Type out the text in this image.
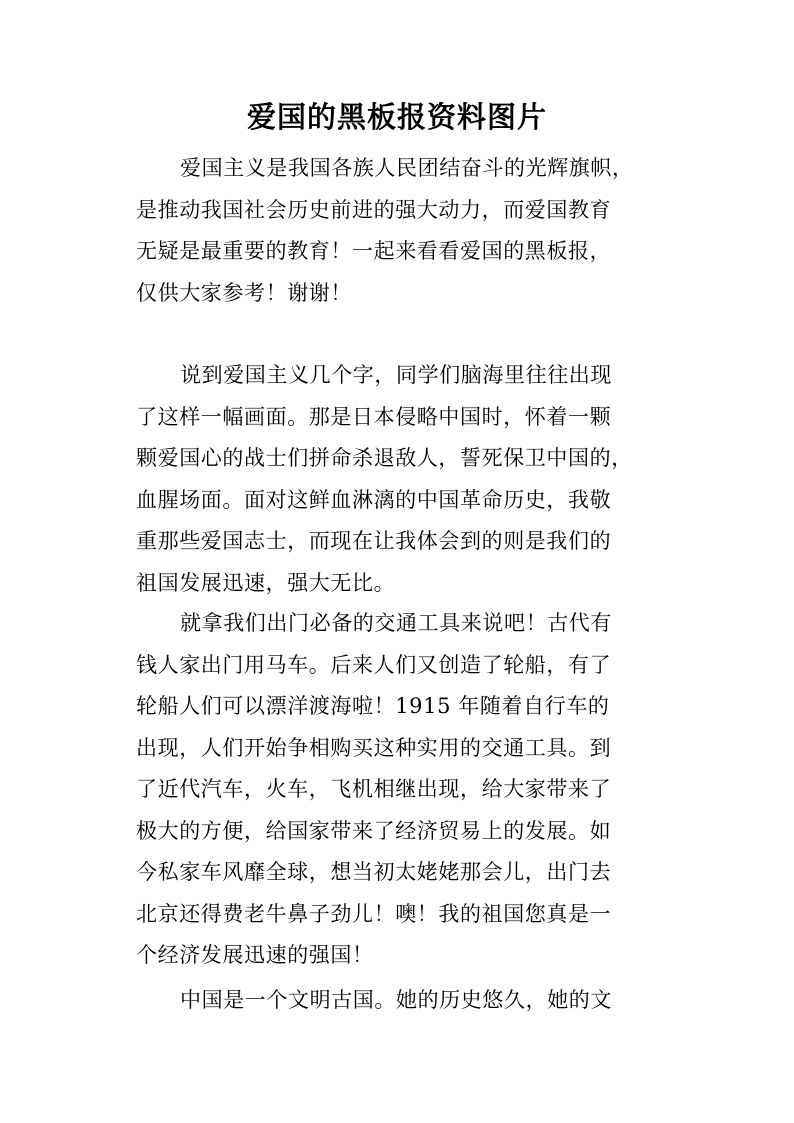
爱国的黑板报资料图片

爱国主义是我国各族人民团结奋斗的光辉旗帜，
是推动我国社会历史前进的强大动力，而爱国教育
无疑是最重要的教育！一起来看看爱国的黑板报，
仅供大家参考！谢谢！

说到爱国主义几个字，同学们脑海里往往出现
了这样一幅画面。那是日本侵略中国时，怀着一颗
颗爱国心的战士们拼命杀退敌人，誓死保卫中国的，
血腥场面。面对这鲜血淋漓的中国革命历史，我敬
重那些爱国志士，而现在让我体会到的则是我们的
祖国发展迅速，强大无比。

就拿我们出门必备的交通工具来说吧！古代有
钱人家出门用马车。后来人们又创造了轮船，有了
轮船人们可以漂洋渡海啦！1915 年随着自行车的
出现，人们开始争相购买这种实用的交通工具。到
了近代汽车，火车，飞机相继出现，给大家带来了
极大的方便，给国家带来了经济贸易上的发展。如
今私家车风靡全球，想当初太姥姥那会儿，出门去
北京还得费老牛鼻子劲儿！噢！我的祖国您真是一
个经济发展迅速的强国！

中国是一个文明古国。她的历史悠久，她的文
